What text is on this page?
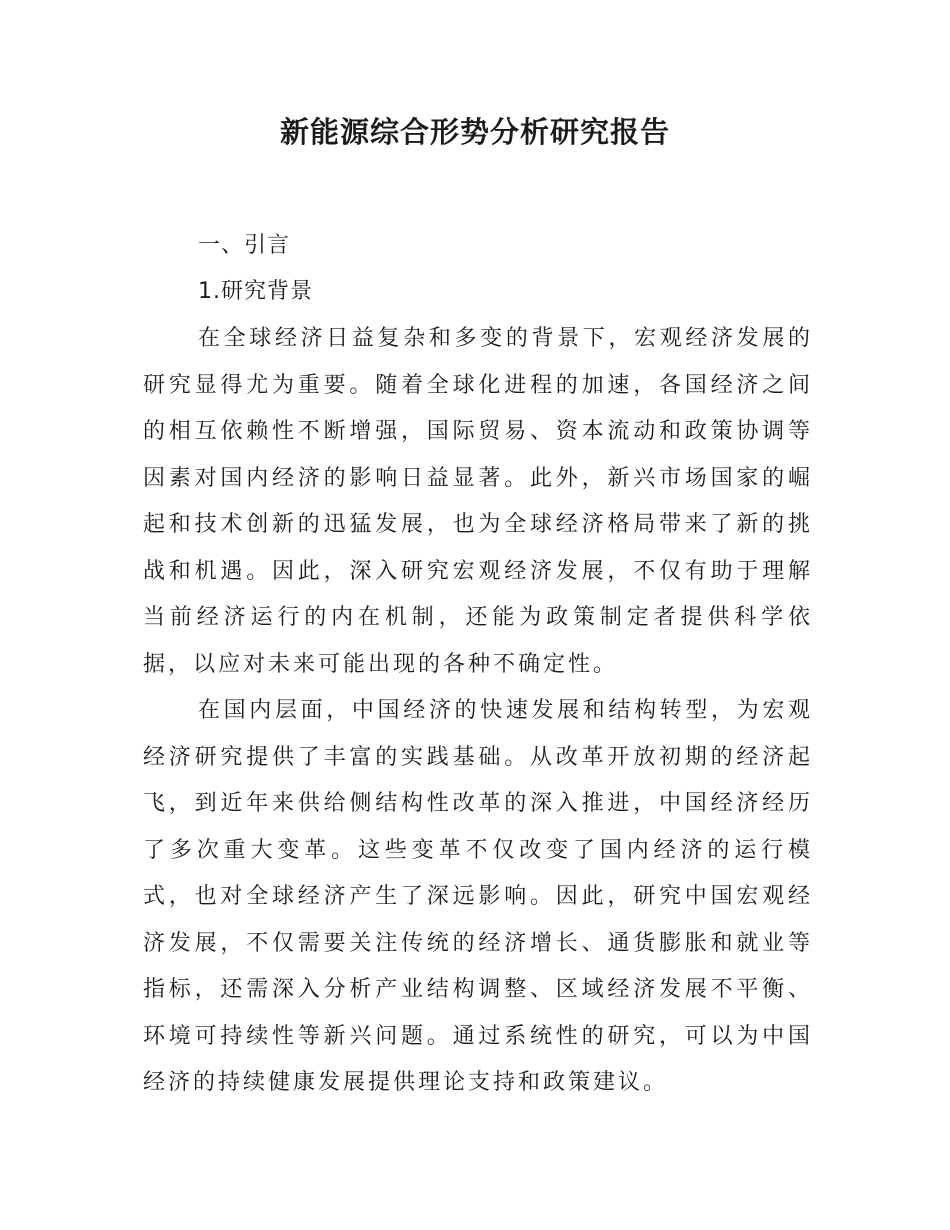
新能源综合形势分析研究报告
一、引言
1.研究背景

在全球经济日益复杂和多变的背景下，宏观经济发展的研究显得尤为重要。随着全球化进程的加速，各国经济之间的相互依赖性不断增强，国际贸易、资本流动和政策协调等因素对国内经济的影响日益显著。此外，新兴市场国家的崛起和技术创新的迅猛发展，也为全球经济格局带来了新的挑战和机遇。因此，深入研究宏观经济发展，不仅有助于理解当前经济运行的内在机制，还能为政策制定者提供科学依据，以应对未来可能出现的各种不确定性。

在国内层面，中国经济的快速发展和结构转型，为宏观经济研究提供了丰富的实践基础。从改革开放初期的经济起飞，到近年来供给侧结构性改革的深入推进，中国经济经历了多次重大变革。这些变革不仅改变了国内经济的运行模式，也对全球经济产生了深远影响。因此，研究中国宏观经济发展，不仅需要关注传统的经济增长、通货膨胀和就业等指标，还需深入分析产业结构调整、区域经济发展不平衡、环境可持续性等新兴问题。通过系统性的研究，可以为中国经济的持续健康发展提供理论支持和政策建议。
